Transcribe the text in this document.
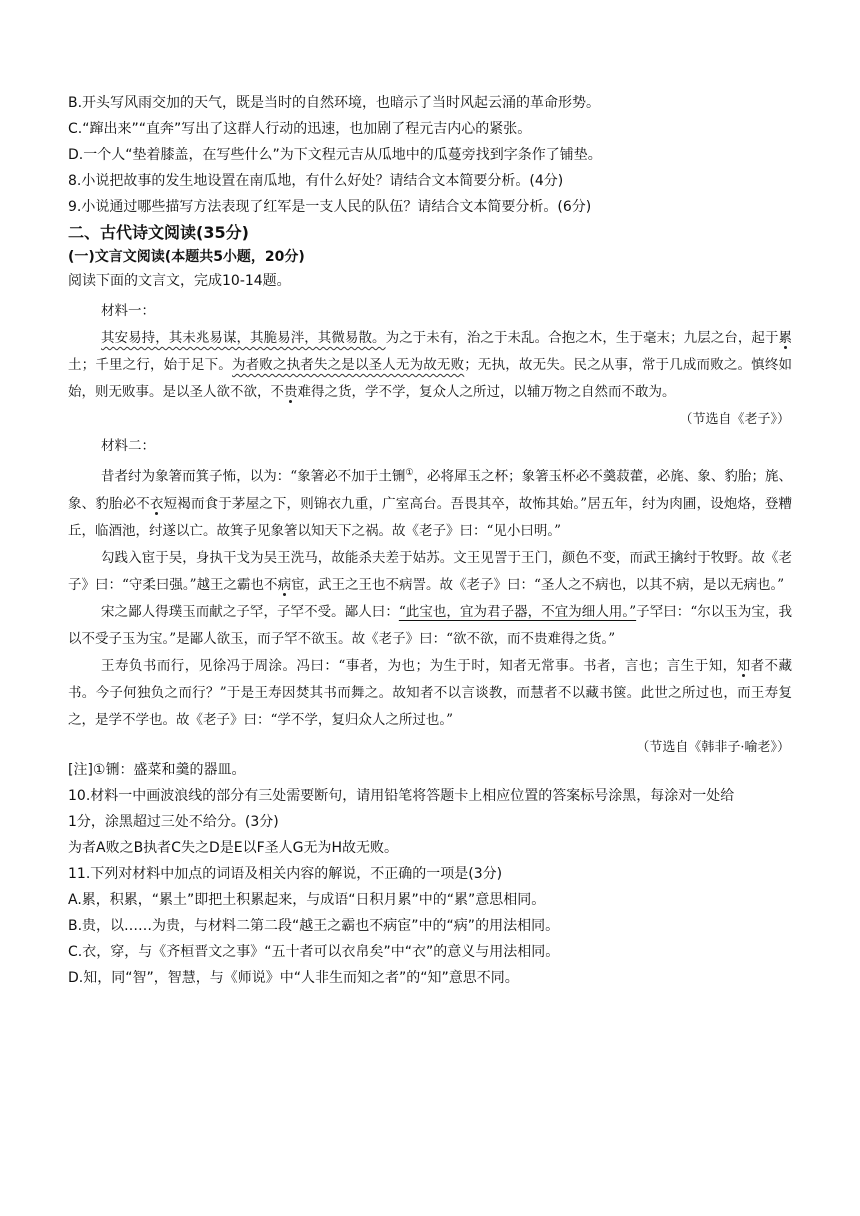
B.开头写风雨交加的天气，既是当时的自然环境，也暗示了当时风起云涌的革命形势。
C.“蹿出来”“直奔”写出了这群人行动的迅速，也加剧了程元吉内心的紧张。
D.一个人“垫着膝盖，在写些什么”为下文程元吉从瓜地中的瓜蔓旁找到字条作了铺垫。
8.小说把故事的发生地设置在南瓜地，有什么好处？请结合文本简要分析。(4分)
9.小说通过哪些描写方法表现了红军是一支人民的队伍？请结合文本简要分析。(6分)
二、古代诗文阅读(35分)
(一)文言文阅读(本题共5小题，20分)
阅读下面的文言文，完成10-14题。
材料一：

其安易持，其未兆易谋，其脆易泮，其微易散。为之于未有，治之于未乱。合抱之木，生于毫末；九层之台，起于累土；千里之行，始于足下。为者败之执者失之是以圣人无为故无败；无执，故无失。民之从事，常于几成而败之。慎终如始，则无败事。是以圣人欲不欲，不贵难得之货，学不学，复众人之所过，以辅万物之自然而不敢为。

（节选自《老子》）
材料二：

昔者纣为象箸而箕子怖，以为：“象箸必不加于土铏①，必将犀玉之杯；象箸玉杯必不羹菽藿，必旄、象、豹胎；旄、象、豹胎必不衣短褐而食于茅屋之下，则锦衣九重，广室高台。吾畏其卒，故怖其始。”居五年，纣为肉圃，设炮烙，登糟丘，临酒池，纣遂以亡。故箕子见象箸以知天下之祸。故《老子》曰：“见小曰明。”

勾践入宦于吴，身执干戈为吴王洗马，故能杀夫差于姑苏。文王见詈于王门，颜色不变，而武王擒纣于牧野。故《老子》曰：“守柔曰强。”越王之霸也不病宦，武王之王也不病詈。故《老子》曰：“圣人之不病也，以其不病，是以无病也。”

宋之鄙人得璞玉而献之子罕，子罕不受。鄙人曰：“此宝也，宜为君子器，不宜为细人用。”子罕曰：“尔以玉为宝，我以不受子玉为宝。”是鄙人欲玉，而子罕不欲玉。故《老子》曰：“欲不欲，而不贵难得之货。”

王寿负书而行，见徐冯于周涂。冯曰：“事者，为也；为生于时，知者无常事。书者，言也；言生于知，知者不藏书。今子何独负之而行？”于是王寿因焚其书而舞之。故知者不以言谈教，而慧者不以藏书箧。此世之所过也，而王寿复之，是学不学也。故《老子》曰：“学不学，复归众人之所过也。”

（节选自《韩非子·喻老》）
[注]①铏：盛菜和羹的器皿。
10.材料一中画波浪线的部分有三处需要断句，请用铅笔将答题卡上相应位置的答案标号涂黑，每涂对一处给
1分，涂黑超过三处不给分。(3分)
为者A败之B执者C失之D是E以F圣人G无为H故无败。
11.下列对材料中加点的词语及相关内容的解说，不正确的一项是(3分)
A.累，积累，“累土”即把土积累起来，与成语“日积月累”中的“累”意思相同。
B.贵，以……为贵，与材料二第二段“越王之霸也不病宦”中的“病”的用法相同。
C.衣，穿，与《齐桓晋文之事》“五十者可以衣帛矣”中“衣”的意义与用法相同。
D.知，同“智”，智慧，与《师说》中“人非生而知之者”的“知”意思不同。
